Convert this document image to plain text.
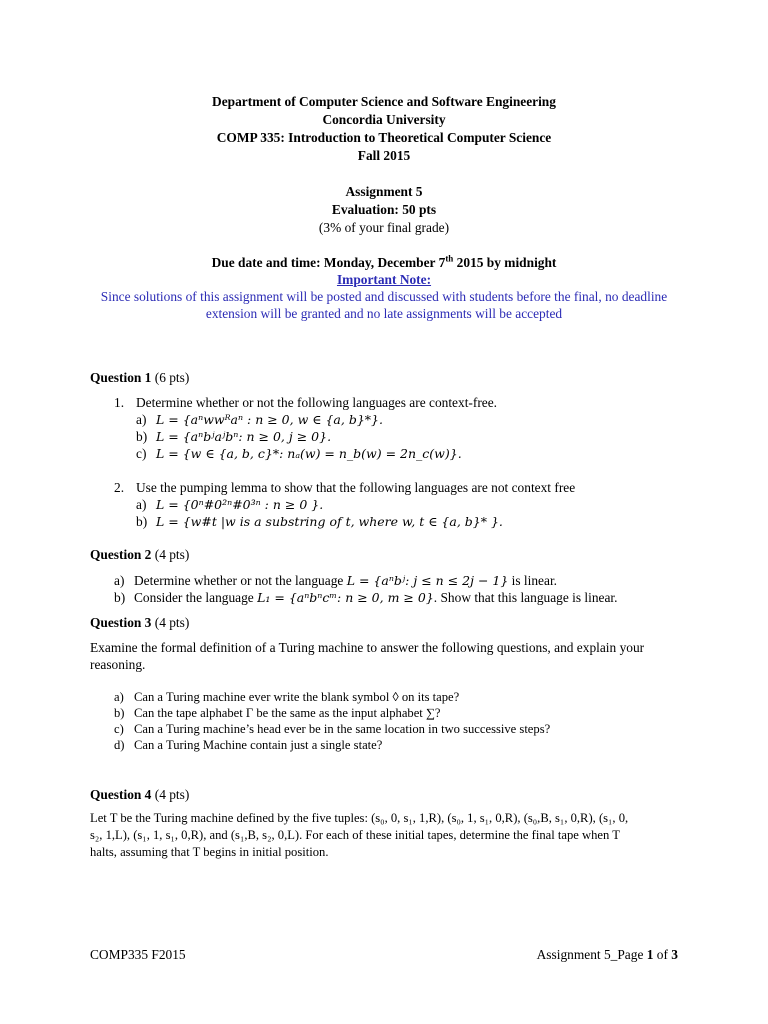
Department of Computer Science and Software Engineering
Concordia University
COMP 335: Introduction to Theoretical Computer Science
Fall 2015
Assignment 5
Evaluation: 50 pts
(3% of your final grade)
Due date and time: Monday, December 7th 2015 by midnight
Important Note:
Since solutions of this assignment will be posted and discussed with students before the final, no deadline
extension will be granted and no late assignments will be accepted
Question 1 (6 pts)
1. Determine whether or not the following languages are context-free.
a) L = {aⁿwwᴿaⁿ : n ≥ 0, w ∈ {a, b}*}.
b) L = {aⁿbʲaʲbⁿ: n ≥ 0, j ≥ 0}.
c) L = {w ∈ {a, b, c}*: nₐ(w) = n_b(w) = 2n_c(w)}.
2. Use the pumping lemma to show that the following languages are not context free
a) L = {0ⁿ#0²ⁿ#0³ⁿ : n ≥ 0 }.
b) L = {w#t |w is a substring of t, where w, t ∈ {a, b}* }.
Question 2 (4 pts)
a) Determine whether or not the language L = {aⁿbʲ: j ≤ n ≤ 2j − 1} is linear.
b) Consider the language L₁ = {aⁿbⁿcᵐ: n ≥ 0, m ≥ 0}. Show that this language is linear.
Question 3 (4 pts)
Examine the formal definition of a Turing machine to answer the following questions, and explain your
reasoning.
a) Can a Turing machine ever write the blank symbol ◊ on its tape?
b) Can the tape alphabet Γ be the same as the input alphabet ∑?
c) Can a Turing machine’s head ever be in the same location in two successive steps?
d) Can a Turing Machine contain just a single state?
Question 4 (4 pts)
Let T be the Turing machine defined by the five tuples: (s₀, 0, s₁, 1,R), (s₀, 1, s₁, 0,R), (s₀,B, s₁, 0,R), (s₁, 0,
s₂, 1,L), (s₁, 1, s₁, 0,R), and (s₁,B, s₂, 0,L). For each of these initial tapes, determine the final tape when T
halts, assuming that T begins in initial position.
COMP335 F2015	Assignment 5_Page 1 of 3
